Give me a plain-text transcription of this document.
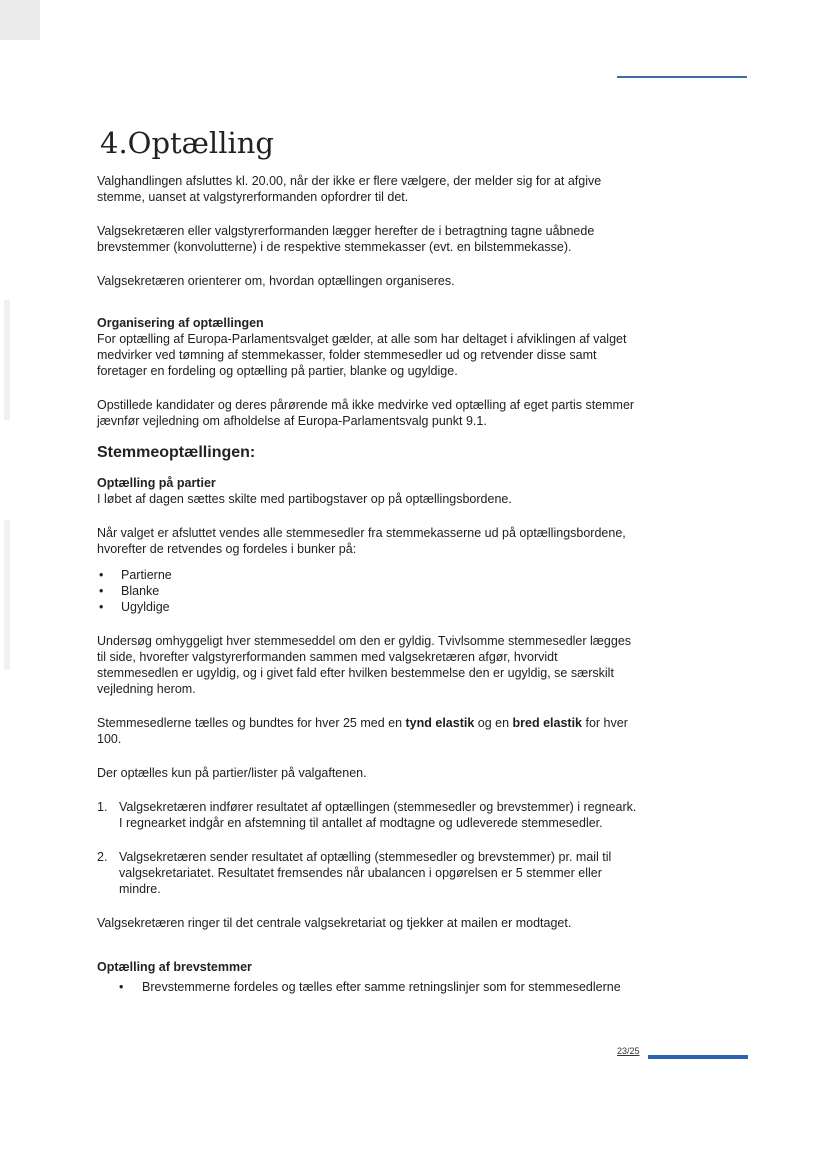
4.Optælling

Valghandlingen afsluttes kl. 20.00, når der ikke er flere vælgere, der melder sig for at afgive stemme, uanset at valgstyrerformanden opfordrer til det.

Valgsekretæren eller valgstyrerformanden lægger herefter de i betragtning tagne uåbnede brevstemmer (konvolutterne) i de respektive stemmekasser (evt. en bilstemmekasse).

Valgsekretæren orienterer om, hvordan optællingen organiseres.

Organisering af optællingen

For optælling af Europa-Parlamentsvalget gælder, at alle som har deltaget i afviklingen af valget medvirker ved tømning af stemmekasser, folder stemmesedler ud og retvender disse samt foretager en fordeling og optælling på partier, blanke og ugyldige.

Opstillede kandidater og deres pårørende må ikke medvirke ved optælling af eget partis stemmer jævnfør vejledning om afholdelse af Europa-Parlamentsvalg punkt 9.1.

Stemmeoptællingen:
Optælling på partier

I løbet af dagen sættes skilte med partibogstaver op på optællingsbordene.

Når valget er afsluttet vendes alle stemmesedler fra stemmekasserne ud på optællingsbordene, hvorefter de retvendes og fordeles i bunker på:

• Partierne
• Blanke
• Ugyldige

Undersøg omhyggeligt hver stemmeseddel om den er gyldig. Tvivlsomme stemmesedler lægges til side, hvorefter valgstyrerformanden sammen med valgsekretæren afgør, hvorvidt stemmesedlen er ugyldig, og i givet fald efter hvilken bestemmelse den er ugyldig, se særskilt vejledning herom.

Stemmesedlerne tælles og bundtes for hver 25 med en tynd elastik og en bred elastik for hver 100.

Der optælles kun på partier/lister på valgaftenen.

1. Valgsekretæren indfører resultatet af optællingen (stemmesedler og brevstemmer) i regneark. I regnearket indgår en afstemning til antallet af modtagne og udleverede stemmesedler.
2. Valgsekretæren sender resultatet af optælling (stemmesedler og brevstemmer) pr. mail til valgsekretariatet. Resultatet fremsendes når ubalancen i opgørelsen er 5 stemmer eller mindre.

Valgsekretæren ringer til det centrale valgsekretariat og tjekker at mailen er modtaget.

Optælling af brevstemmer
• Brevstemmerne fordeles og tælles efter samme retningslinjer som for stemmesedlerne
23/25
